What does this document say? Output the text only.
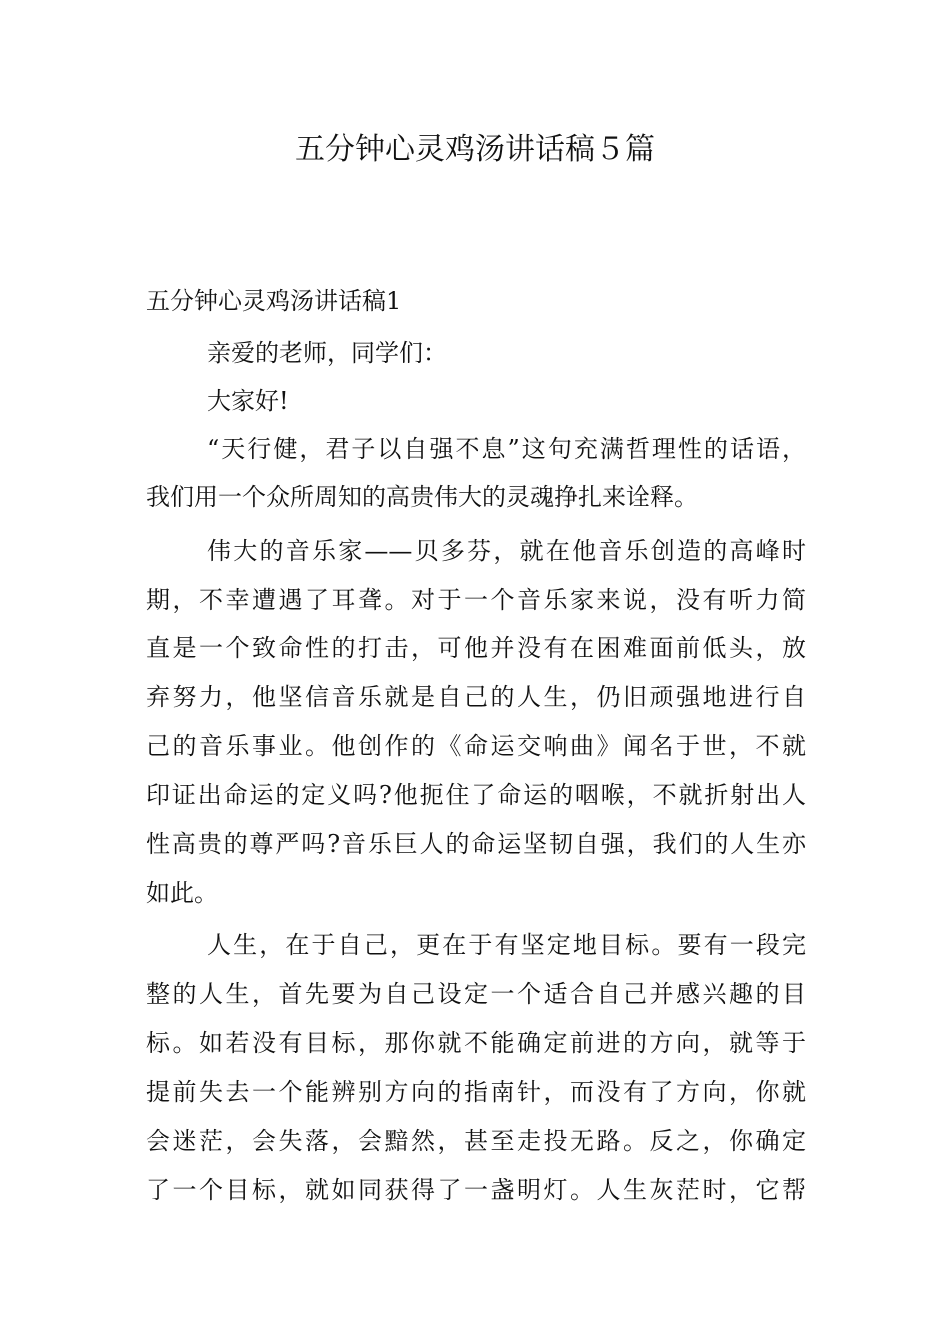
五分钟心灵鸡汤讲话稿５篇
五分钟心灵鸡汤讲话稿1

亲爱的老师，同学们：

大家好!

“天行健，君子以自强不息”这句充满哲理性的话语，

我们用一个众所周知的高贵伟大的灵魂挣扎来诠释。

伟大的音乐家——贝多芬，就在他音乐创造的高峰时

期，不幸遭遇了耳聋。对于一个音乐家来说，没有听力简

直是一个致命性的打击，可他并没有在困难面前低头，放

弃努力，他坚信音乐就是自己的人生，仍旧顽强地进行自

己的音乐事业。他创作的《命运交响曲》闻名于世，不就

印证出命运的定义吗?他扼住了命运的咽喉，不就折射出人

性高贵的尊严吗?音乐巨人的命运坚韧自强，我们的人生亦

如此。

人生，在于自己，更在于有坚定地目标。要有一段完

整的人生，首先要为自己设定一个适合自己并感兴趣的目

标。如若没有目标，那你就不能确定前进的方向，就等于

提前失去一个能辨别方向的指南针，而没有了方向，你就

会迷茫，会失落，会黯然，甚至走投无路。反之，你确定

了一个目标，就如同获得了一盏明灯。人生灰茫时，它帮
